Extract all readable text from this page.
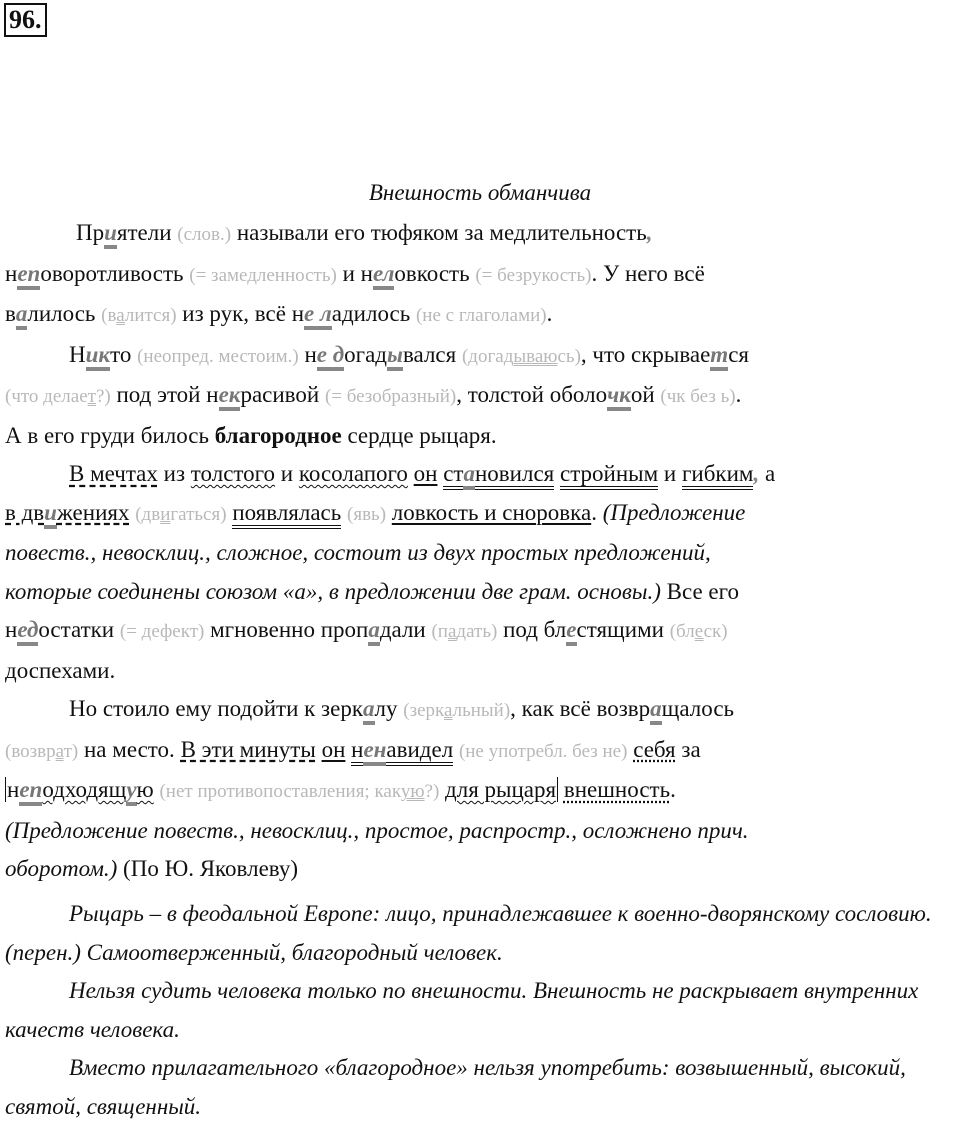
96.
Внешность обманчива

Приятели (слов.) называли его тюфяком за медлительность,
неповоротливость (= замедленность) и неловкость (= безрукость). У него всё
валилось (валится) из рук, всё не ладилось (не с глаголами).

Никто (неопред. местоим.) не догадывался (догадываюсь), что скрывается
(что делает?) под этой некрасивой (= безобразный), толстой оболочкой (чк без ь).
А в его груди билось благородное сердце рыцаря.

В мечтах из толстого и косолапого он становился стройным и гибким, а
в движениях (двигаться) появлялась (явь) ловкость и сноровка. (Предложение
повеств., невосклиц., сложное, состоит из двух простых предложений,
которые соединены союзом «а», в предложении две грам. основы.) Все его
недостатки (= дефект) мгновенно пропадали (падать) под блестящими (блеск)
доспехами.

Но стоило ему подойти к зеркалу (зеркальный), как всё возвращалось
(возврат) на место. В эти минуты он ненавидел (не употребл. без не) себя за
неподходящую (нет противопоставления; какую?) для рыцаря внешность.
(Предложение повеств., невосклиц., простое, распростр., осложнено прич.
оборотом.) (По Ю. Яковлеву)

Рыцарь – в феодальной Европе: лицо, принадлежавшее к военно-дворянскому сословию. (перен.) Самоотверженный, благородный человек.

Нельзя судить человека только по внешности. Внешность не раскрывает внутренних качеств человека.

Вместо прилагательного «благородное» нельзя употребить: возвышенный, высокий, святой, священный.
